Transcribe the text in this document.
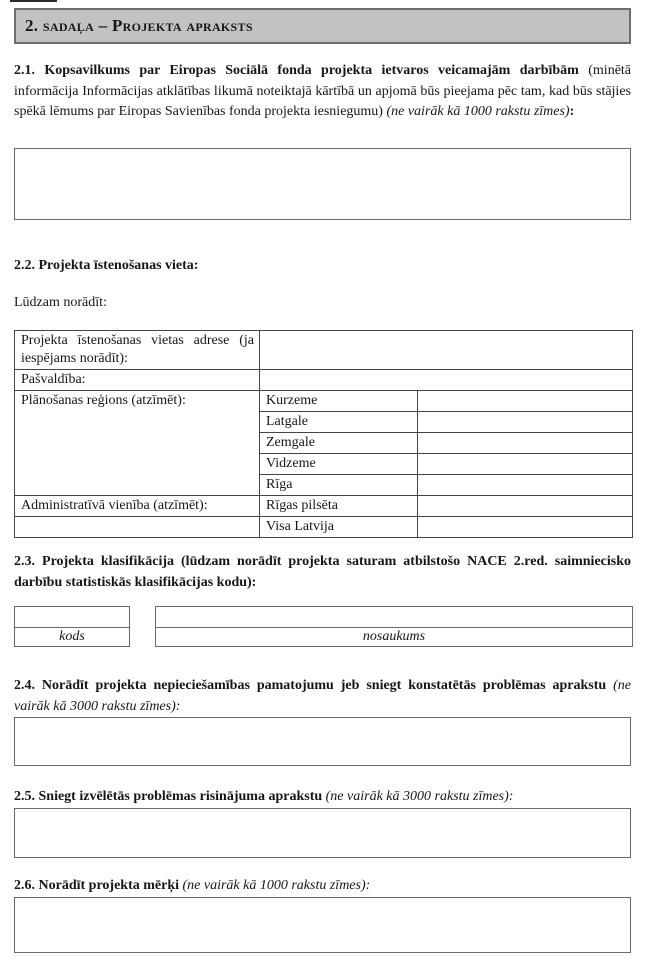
2. sadaļa – Projekta apraksts

2.1. Kopsavilkums par Eiropas Sociālā fonda projekta ietvaros veicamajām darbībām (minētā informācija Informācijas atklātības likumā noteiktajā kārtībā un apjomā būs pieejama pēc tam, kad būs stājies spēkā lēmums par Eiropas Savienības fonda projekta iesniegumu) (ne vairāk kā 1000 rakstu zīmes):

2.2. Projekta īstenošanas vieta:

Lūdzam norādīt:

Projekta īstenošanas vietas adrese (ja iespējams norādīt):		
Pašvaldība:		
Plānošanas reģions (atzīmēt):	Kurzeme	
	Latgale	
	Zemgale	
	Vidzeme	
	Rīga	
Administratīvā vienība (atzīmēt):	Rīgas pilsēta	
	Visa Latvija	

2.3. Projekta klasifikācija (lūdzam norādīt projekta saturam atbilstošo NACE 2.red. saimniecisko darbību statistiskās klasifikācijas kodu):

kods	nosaukums

2.4. Norādīt projekta nepieciešamības pamatojumu jeb sniegt konstatētās problēmas aprakstu (ne vairāk kā 3000 rakstu zīmes):

2.5. Sniegt izvēlētās problēmas risinājuma aprakstu (ne vairāk kā 3000 rakstu zīmes):

2.6. Norādīt projekta mērķi (ne vairāk kā 1000 rakstu zīmes):
